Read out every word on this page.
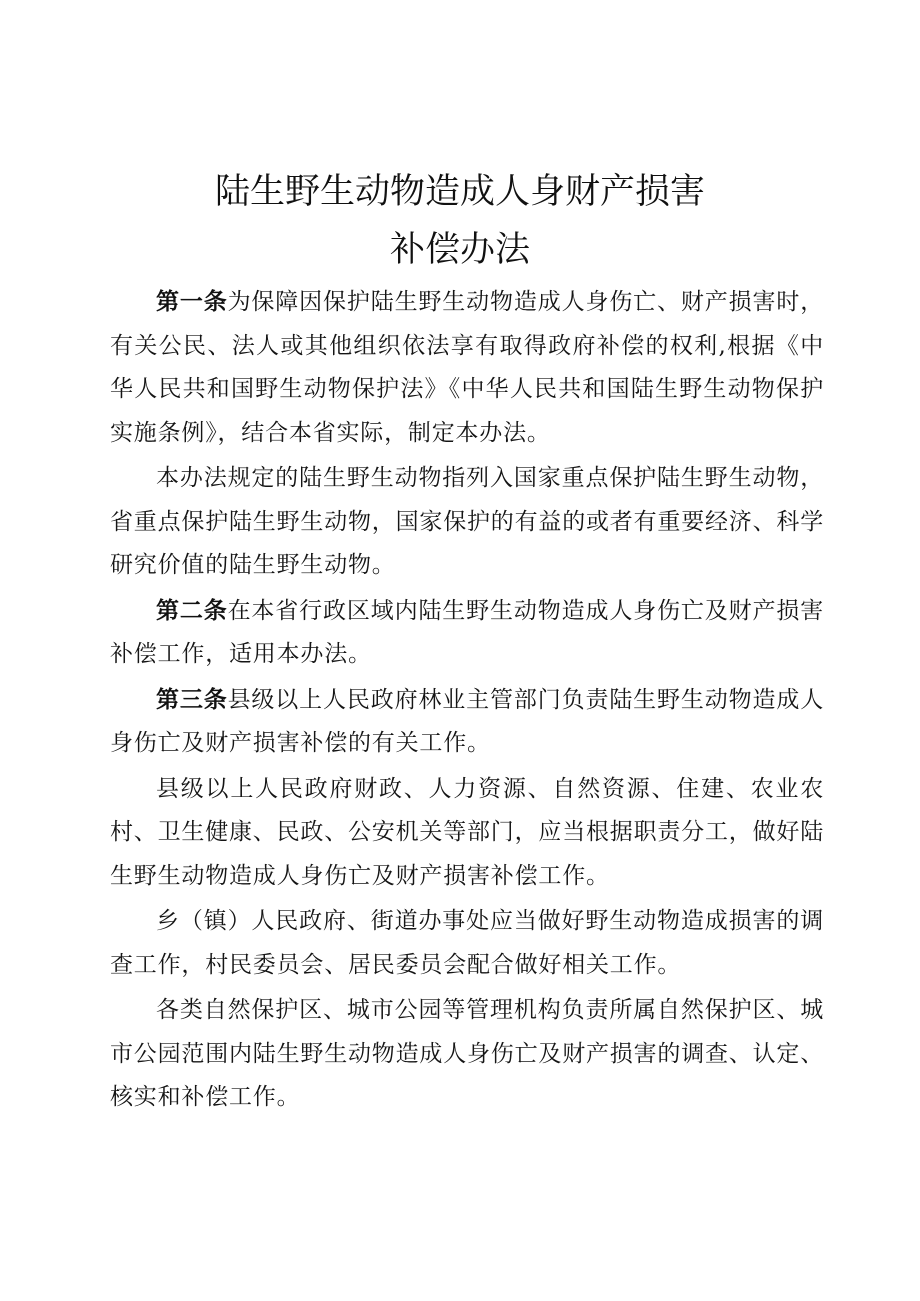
陆生野生动物造成人身财产损害
补偿办法

第一条为保障因保护陆生野生动物造成人身伤亡、财产损害时，有关公民、法人或其他组织依法享有取得政府补偿的权利,根据《中华人民共和国野生动物保护法》《中华人民共和国陆生野生动物保护实施条例》，结合本省实际，制定本办法。

本办法规定的陆生野生动物指列入国家重点保护陆生野生动物，省重点保护陆生野生动物，国家保护的有益的或者有重要经济、科学研究价值的陆生野生动物。

第二条在本省行政区域内陆生野生动物造成人身伤亡及财产损害补偿工作，适用本办法。

第三条县级以上人民政府林业主管部门负责陆生野生动物造成人身伤亡及财产损害补偿的有关工作。

县级以上人民政府财政、人力资源、自然资源、住建、农业农村、卫生健康、民政、公安机关等部门，应当根据职责分工，做好陆生野生动物造成人身伤亡及财产损害补偿工作。

乡（镇）人民政府、街道办事处应当做好野生动物造成损害的调查工作，村民委员会、居民委员会配合做好相关工作。

各类自然保护区、城市公园等管理机构负责所属自然保护区、城市公园范围内陆生野生动物造成人身伤亡及财产损害的调查、认定、核实和补偿工作。
